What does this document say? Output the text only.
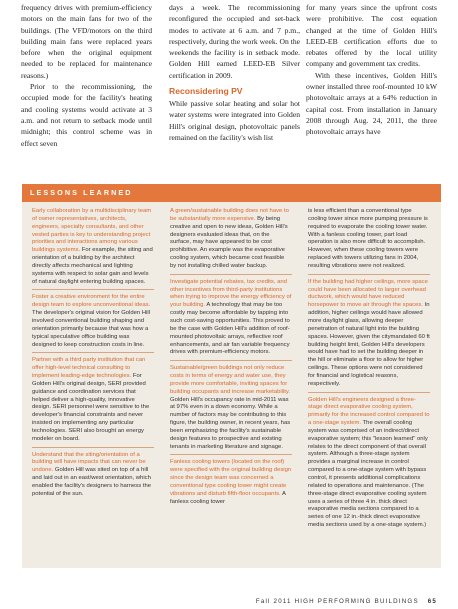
frequency drives with premium-efficiency motors on the main fans for two of the buildings. (The VFD/motors on the third building main fans were replaced years before when the original equipment needed to be replaced for maintenance reasons.)

Prior to the recommissioning, the occupied mode for the facility's heating and cooling systems would activate at 3 a.m. and not return to setback mode until midnight; this control scheme was in effect seven

days a week. The recommissioning reconfigured the occupied and set-back modes to activate at 6 a.m. and 7 p.m., respectively, during the work week. On the weekends the facility is in setback mode. Golden Hill earned LEED-EB Silver certification in 2009.

Reconsidering PV

While passive solar heating and solar hot water systems were integrated into Golden Hill's original design, photovoltaic panels remained on the facility's wish list

for many years since the upfront costs were prohibitive. The cost equation changed at the time of Golden Hill's LEED-EB certification efforts due to rebates offered by the local utility company and government tax credits.

With these incentives, Golden Hill's owner installed three roof-mounted 10 kW photovoltaic arrays at a 64% reduction in capital cost. From installation in January 2008 through Aug. 24, 2011, the three photovoltaic arrays have

LESSONS LEARNED
Early collaboration by a multidisciplinary team of owner representatives, architects, engineers, specialty consultants, and other vested parties is key to understanding project priorities and interactions among various buildings systems. For example, the siting and orientation of a building by the architect directly affects mechanical and lighting systems with respect to solar gain and levels of natural daylight entering building spaces.
Foster a creative environment for the entire design team to explore unconventional ideas. The developer's original vision for Golden Hill involved conventional building shaping and orientation primarily because that was how a typical speculative office building was designed to keep construction costs in line.
Partner with a third party institution that can offer high-level technical consulting to implement leading-edge technologies. For Golden Hill's original design, SERI provided guidance and coordination services that helped deliver a high-quality, innovative design. SERI personnel were sensitive to the developer's financial constraints and never insisted on implementing any particular technologies. SERI also brought an energy modeler on board.
Understand that the siting/orientation of a building will have impacts that can never be undone. Golden Hill was sited on top of a hill and laid out in an east/west orientation, which enabled the facility's designers to harness the potential of the sun.
A green/sustainable building does not have to be substantially more expensive. By being creative and open to new ideas, Golden Hill's designers evaluated ideas that, on the surface, may have appeared to be cost prohibitive. An example was the evaporative cooling system, which became cost feasible by not installing chilled water backup.
Investigate potential rebates, tax credits, and other incentives from third-party institutions when trying to improve the energy efficiency of your building. A technology that may be too costly may become affordable by tapping into such cost-saving opportunities. This proved to be the case with Golden Hill's addition of roof-mounted photovoltaic arrays, reflective roof enhancements, and air fan variable frequency drives with premium-efficiency motors.
Sustainable/green buildings not only reduce costs in terms of energy and water use, they provide more comfortable, inviting spaces for building occupants and increase marketability. Golden Hill's occupancy rate in mid-2011 was at 97% even in a down economy. While a number of factors may be contributing to this figure, the building owner, in recent years, has been emphasizing the facility's sustainable design features to prospective and existing tenants in marketing literature and signage.
Fanless cooling towers (located on the roof) were specified with the original building design since the design team was concerned a conventional type cooling tower might create vibrations and disturb fifth-floor occupants. A fanless cooling tower
is less efficient than a conventional type cooling tower since more pumping pressure is required to evaporate the cooling tower water. With a fanless cooling tower, part load operation is also more difficult to accomplish. However, when these cooling towers were replaced with towers utilizing fans in 2004, resulting vibrations were not realized.
If the building had higher ceilings, more space could have been allocated to larger overhead ductwork, which would have reduced horsepower to move air through the spaces. In addition, higher ceilings would have allowed more daylight glass, allowing deeper penetration of natural light into the building spaces. However, given the citymandated 60 ft building height limit, Golden Hill's developers would have had to set the building deeper in the hill or eliminate a floor to allow for higher ceilings. These options were not considered for financial and logistical reasons, respectively.
Golden Hill's engineers designed a three-stage direct evaporative cooling system, primarily for the increased control compared to a one-stage system. The overall cooling system was comprised of an indirect/direct evaporative system; this "lesson learned" only relates to the direct component of that overall system. Although a three-stage system provides a marginal increase in control compared to a one-stage system with bypass control, it presents additional complications related to operations and maintenance. (The three-stage direct evaporative cooling system uses a series of three 4 in. thick direct evaporative media sections compared to a series of one 12 in.-thick direct evaporative media sections used by a one-stage system.)
Fall 2011 HIGH PERFORMING BUILDINGS 65
